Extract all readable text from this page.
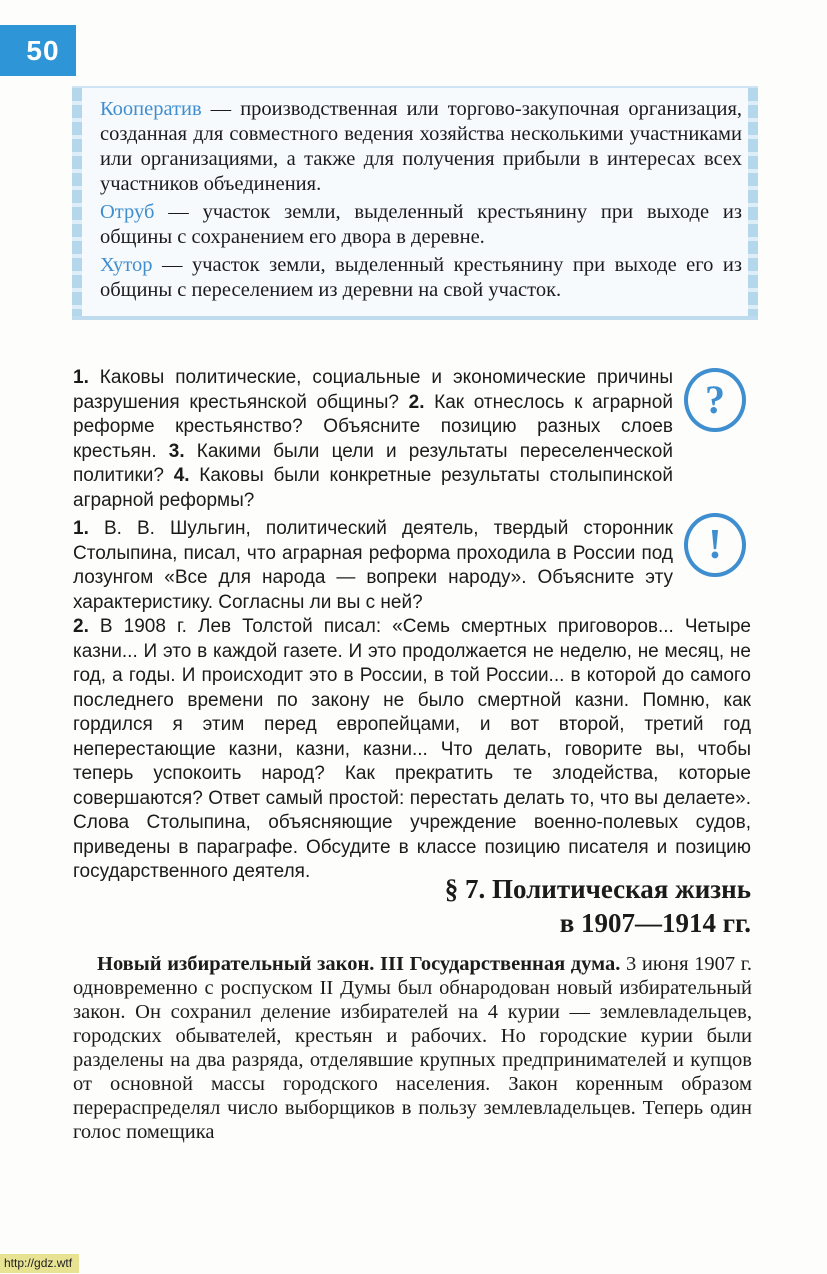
50

Кооператив — производственная или торгово-закупочная организация, созданная для совместного ведения хозяйства несколькими участниками или организациями, а также для получения прибыли в интересах всех участников объединения.

Отруб — участок земли, выделенный крестьянину при выходе из общины с сохранением его двора в деревне.

Хутор — участок земли, выделенный крестьянину при выходе его из общины с переселением из деревни на свой участок.

1. Каковы политические, социальные и экономические причины разрушения крестьянской общины? 2. Как отнеслось к аграрной реформе крестьянство? Объясните позицию разных слоев крестьян. 3. Какими были цели и результаты переселенческой политики? 4. Каковы были конкретные результаты столыпинской аграрной реформы?

?

1. В. В. Шульгин, политический деятель, твердый сторонник Столыпина, писал, что аграрная реформа проходила в России под лозунгом «Все для народа — вопреки народу». Объясните эту характеристику. Согласны ли вы с ней?

2. В 1908 г. Лев Толстой писал: «Семь смертных приговоров... Четыре казни... И это в каждой газете. И это продолжается не неделю, не месяц, не год, а годы. И происходит это в России, в той России... в которой до самого последнего времени по закону не было смертной казни. Помню, как гордился я этим перед европейцами, и вот второй, третий год неперестающие казни, казни, казни... Что делать, говорите вы, чтобы теперь успокоить народ? Как прекратить те злодейства, которые совершаются? Ответ самый простой: перестать делать то, что вы делаете». Слова Столыпина, объясняющие учреждение военно-полевых судов, приведены в параграфе. Обсудите в классе позицию писателя и позицию государственного деятеля.

!
§ 7. Политическая жизнь
в 1907—1914 гг.

Новый избирательный закон. III Государственная дума. 3 июня 1907 г. одновременно с роспуском II Думы был обнародован новый избирательный закон. Он сохранил деление избирателей на 4 курии — землевладельцев, городских обывателей, крестьян и рабочих. Но городские курии были разделены на два разряда, отделявшие крупных предпринимателей и купцов от основной массы городского населения. Закон коренным образом перераспределял число выборщиков в пользу землевладельцев. Теперь один голос помещика

http://gdz.wtf
